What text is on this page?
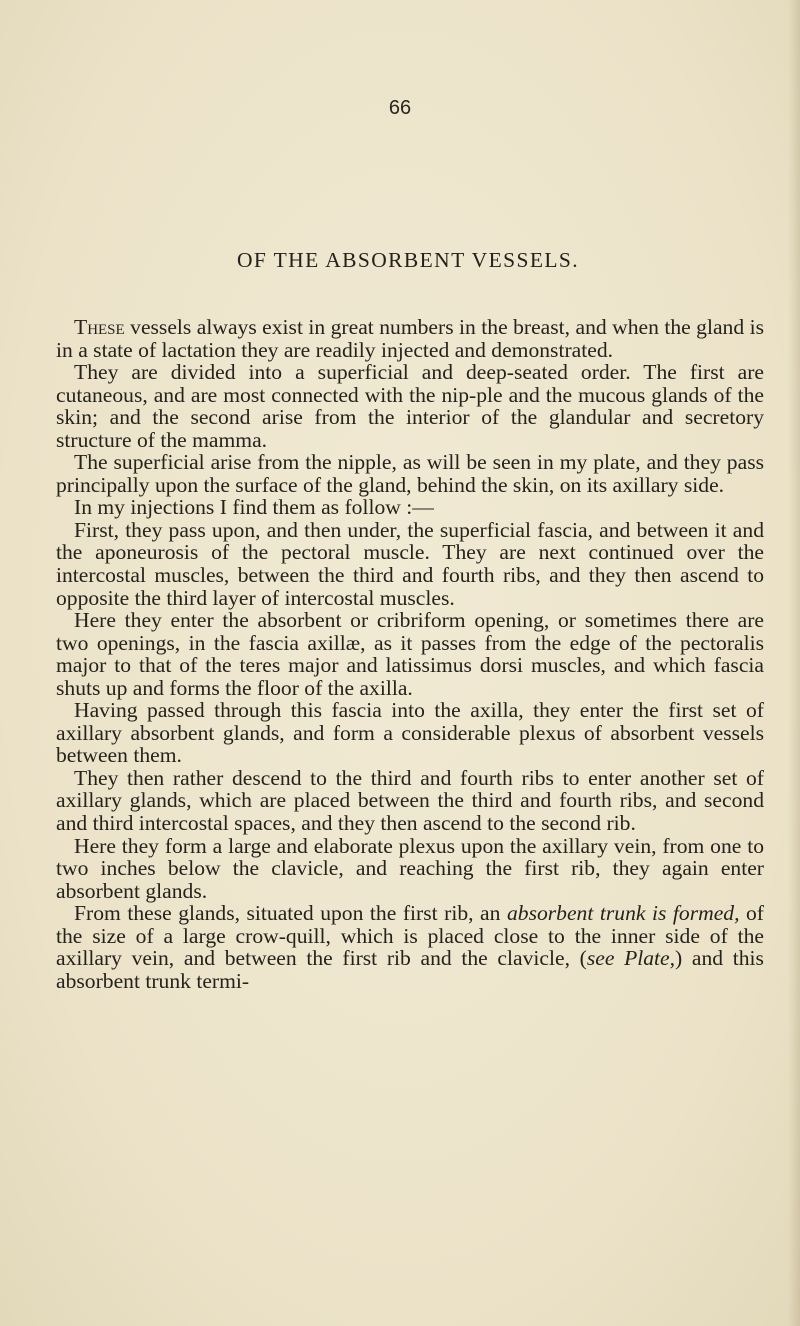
66
OF THE ABSORBENT VESSELS.

These vessels always exist in great numbers in the breast, and when the gland is in a state of lactation they are readily injected and demonstrated.

They are divided into a superficial and deep-seated order. The first are cutaneous, and are most connected with the nip-ple and the mucous glands of the skin; and the second arise from the interior of the glandular and secretory structure of the mamma.

The superficial arise from the nipple, as will be seen in my plate, and they pass principally upon the surface of the gland, behind the skin, on its axillary side.

In my injections I find them as follow :—

First, they pass upon, and then under, the superficial fascia, and between it and the aponeurosis of the pectoral muscle. They are next continued over the intercostal muscles, between the third and fourth ribs, and they then ascend to opposite the third layer of intercostal muscles.

Here they enter the absorbent or cribriform opening, or sometimes there are two openings, in the fascia axillæ, as it passes from the edge of the pectoralis major to that of the teres major and latissimus dorsi muscles, and which fascia shuts up and forms the floor of the axilla.

Having passed through this fascia into the axilla, they enter the first set of axillary absorbent glands, and form a considerable plexus of absorbent vessels between them.

They then rather descend to the third and fourth ribs to enter another set of axillary glands, which are placed between the third and fourth ribs, and second and third intercostal spaces, and they then ascend to the second rib.

Here they form a large and elaborate plexus upon the axillary vein, from one to two inches below the clavicle, and reaching the first rib, they again enter absorbent glands.

From these glands, situated upon the first rib, an absorbent trunk is formed, of the size of a large crow-quill, which is placed close to the inner side of the axillary vein, and between the first rib and the clavicle, (see Plate,) and this absorbent trunk termi-
